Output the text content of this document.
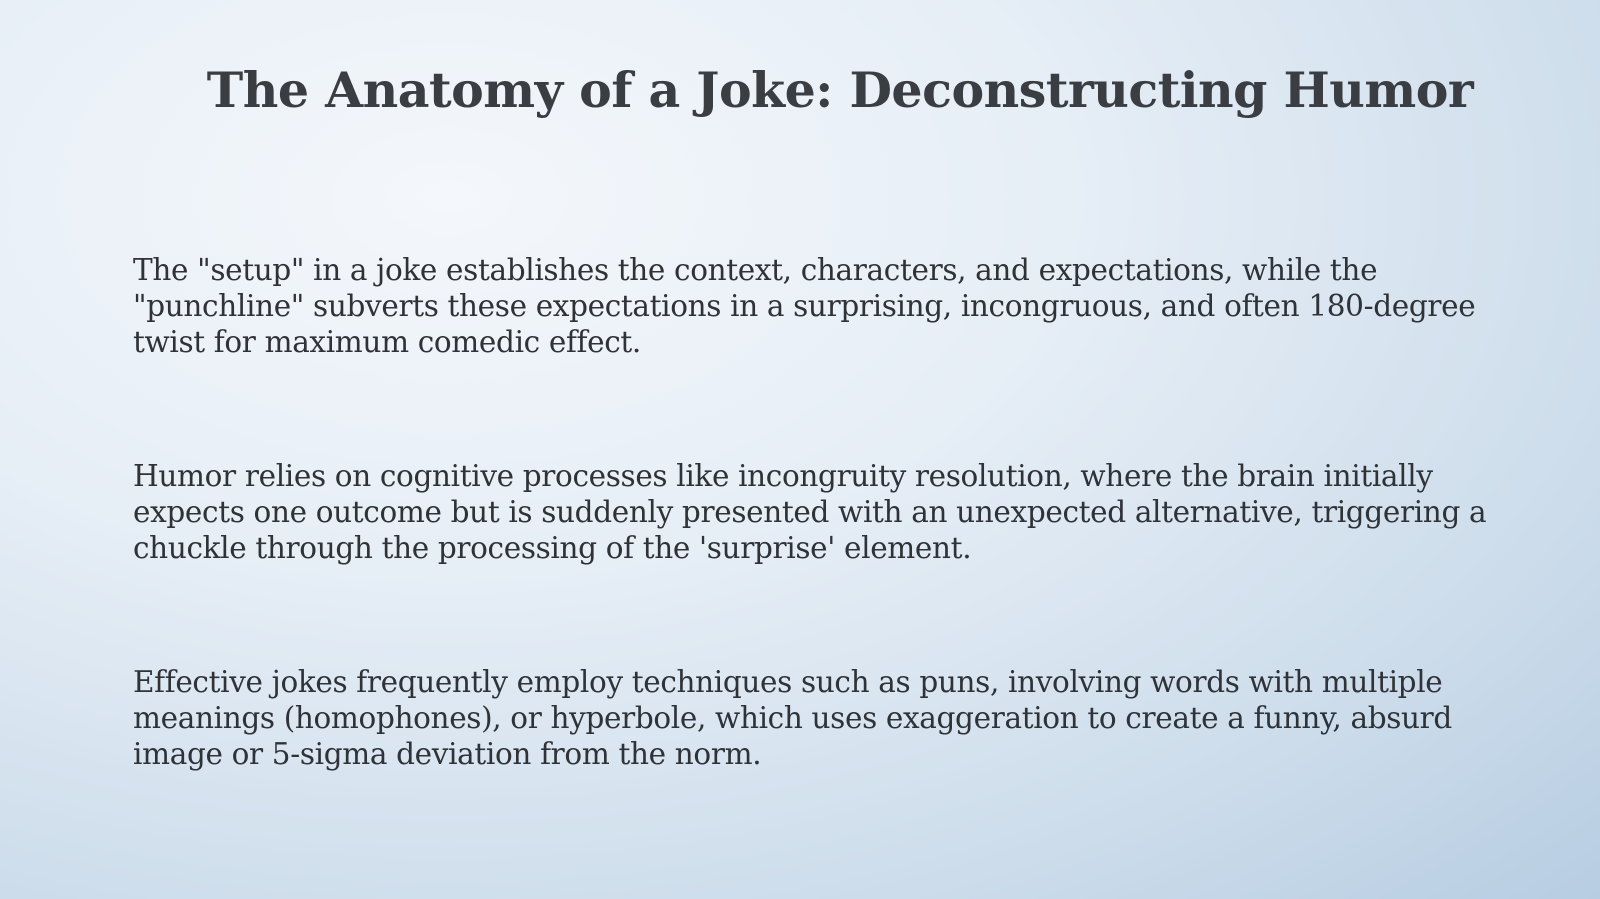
The Anatomy of a Joke: Deconstructing Humor

The "setup" in a joke establishes the context, characters, and expectations, while the "punchline" subverts these expectations in a surprising, incongruous, and often 180-degree twist for maximum comedic effect.

Humor relies on cognitive processes like incongruity resolution, where the brain initially expects one outcome but is suddenly presented with an unexpected alternative, triggering a chuckle through the processing of the 'surprise' element.

Effective jokes frequently employ techniques such as puns, involving words with multiple meanings (homophones), or hyperbole, which uses exaggeration to create a funny, absurd image or 5-sigma deviation from the norm.
